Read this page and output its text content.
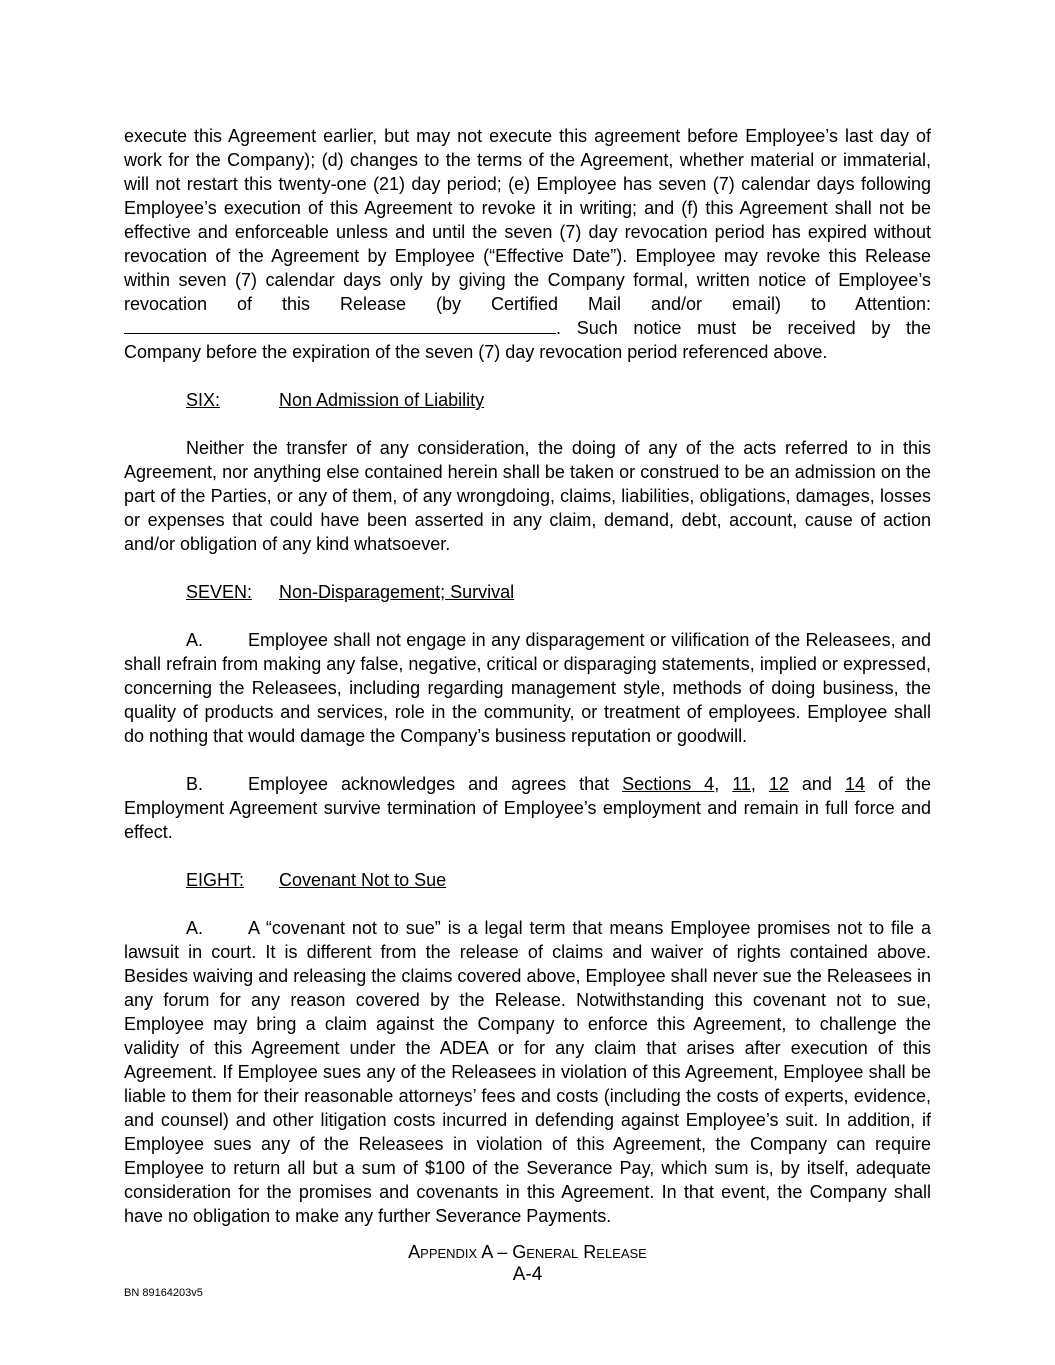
execute this Agreement earlier, but may not execute this agreement before Employee’s last day of work for the Company); (d) changes to the terms of the Agreement, whether material or immaterial, will not restart this twenty-one (21) day period; (e) Employee has seven (7) calendar days following Employee’s execution of this Agreement to revoke it in writing; and (f) this Agreement shall not be effective and enforceable unless and until the seven (7) day revocation period has expired without revocation of the Agreement by Employee (“Effective Date”). Employee may revoke this Release within seven (7) calendar days only by giving the Company formal, written notice of Employee’s revocation of this Release (by Certified Mail and/or email) to Attention: . Such notice must be received by the Company before the expiration of the seven (7) day revocation period referenced above.

SIX:	Non Admission of Liability

Neither the transfer of any consideration, the doing of any of the acts referred to in this Agreement, nor anything else contained herein shall be taken or construed to be an admission on the part of the Parties, or any of them, of any wrongdoing, claims, liabilities, obligations, damages, losses or expenses that could have been asserted in any claim, demand, debt, account, cause of action and/or obligation of any kind whatsoever.

SEVEN: Non-Disparagement; Survival

A. Employee shall not engage in any disparagement or vilification of the Releasees, and shall refrain from making any false, negative, critical or disparaging statements, implied or expressed, concerning the Releasees, including regarding management style, methods of doing business, the quality of products and services, role in the community, or treatment of employees. Employee shall do nothing that would damage the Company’s business reputation or goodwill.

B. Employee acknowledges and agrees that Sections 4, 11, 12 and 14 of the Employment Agreement survive termination of Employee’s employment and remain in full force and effect.

EIGHT: Covenant Not to Sue

A. A “covenant not to sue” is a legal term that means Employee promises not to file a lawsuit in court. It is different from the release of claims and waiver of rights contained above. Besides waiving and releasing the claims covered above, Employee shall never sue the Releasees in any forum for any reason covered by the Release. Notwithstanding this covenant not to sue, Employee may bring a claim against the Company to enforce this Agreement, to challenge the validity of this Agreement under the ADEA or for any claim that arises after execution of this Agreement. If Employee sues any of the Releasees in violation of this Agreement, Employee shall be liable to them for their reasonable attorneys’ fees and costs (including the costs of experts, evidence, and counsel) and other litigation costs incurred in defending against Employee’s suit. In addition, if Employee sues any of the Releasees in violation of this Agreement, the Company can require Employee to return all but a sum of $100 of the Severance Pay, which sum is, by itself, adequate consideration for the promises and covenants in this Agreement. In that event, the Company shall have no obligation to make any further Severance Payments.

Appendix A – General Release
A-4
BN 89164203v5
